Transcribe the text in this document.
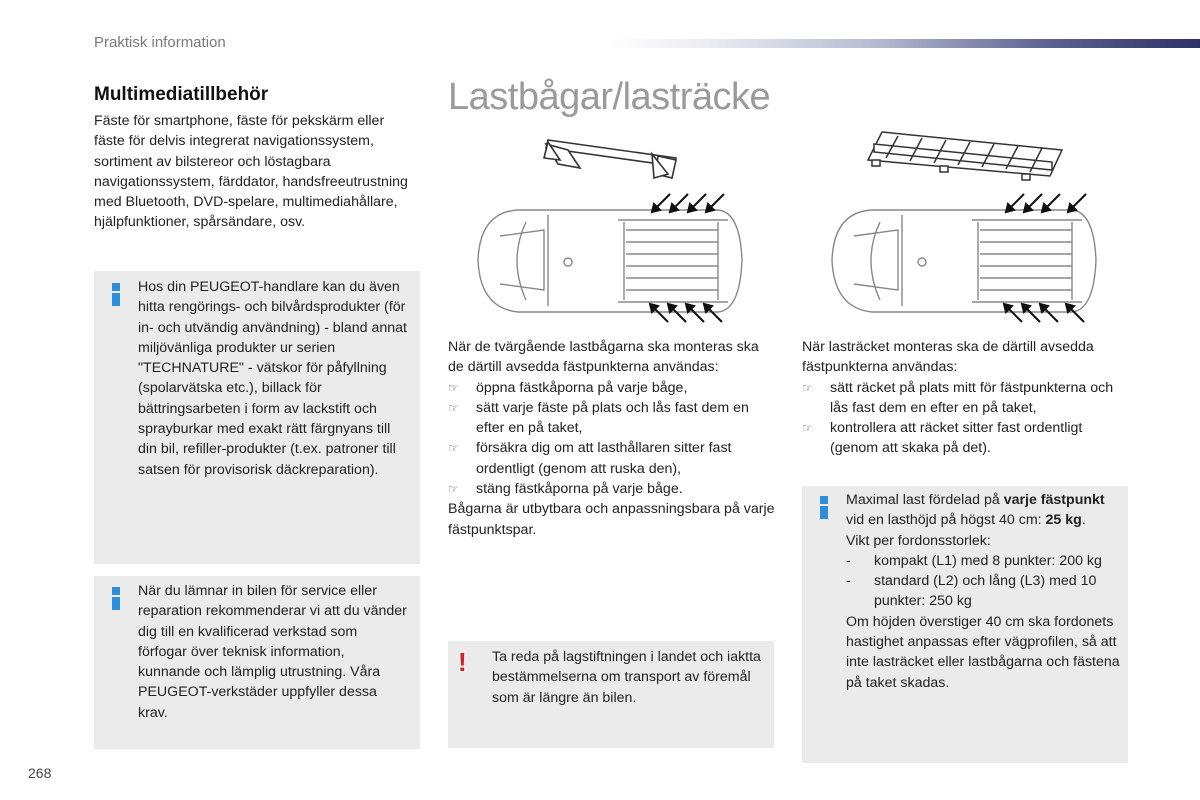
Praktisk information
Multimediatillbehör
Fäste för smartphone, fäste för pekskärm eller fäste för delvis integrerat navigationssystem, sortiment av bilstereor och löstagbara navigationssystem, färddator, handsfreeutrustning med Bluetooth, DVD-spelare, multimediahållare, hjälpfunktioner, spårsändare, osv.
Hos din PEUGEOT-handlare kan du även hitta rengörings- och bilvårdsprodukter (för in- och utvändig användning) - bland annat miljövänliga produkter ur serien "TECHNATURE" - vätskor för påfyllning (spolarvätska etc.), billack för bättringsarbeten i form av lackstift och sprayburkar med exakt rätt färgnyans till din bil, refiller-produkter (t.ex. patroner till satsen för provisorisk däckreparation).
När du lämnar in bilen för service eller reparation rekommenderar vi att du vänder dig till en kvalificerad verkstad som förfogar över teknisk information, kunnande och lämplig utrustning. Våra PEUGEOT-verkstäder uppfyller dessa krav.
Lastbågar/lasträcke
När de tvärgående lastbågarna ska monteras ska de därtill avsedda fästpunkterna användas:
☞ öppna fästkåporna på varje båge,
☞ sätt varje fäste på plats och lås fast dem en efter en på taket,
☞ försäkra dig om att lasthållaren sitter fast ordentligt (genom att ruska den),
☞ stäng fästkåporna på varje båge.
Bågarna är utbytbara och anpassningsbara på varje fästpunktspar.
! Ta reda på lagstiftningen i landet och iaktta bestämmelserna om transport av föremål som är längre än bilen.
När lasträcket monteras ska de därtill avsedda fästpunkterna användas:
☞ sätt räcket på plats mitt för fästpunkterna och lås fast dem en efter en på taket,
☞ kontrollera att räcket sitter fast ordentligt (genom att skaka på det).
Maximal last fördelad på varje fästpunkt vid en lasthöjd på högst 40 cm: 25 kg.
Vikt per fordonsstorlek:
- kompakt (L1) med 8 punkter: 200 kg
- standard (L2) och lång (L3) med 10 punkter: 250 kg
Om höjden överstiger 40 cm ska fordonets hastighet anpassas efter vägprofilen, så att inte lasträcket eller lastbågarna och fästena på taket skadas.
268
